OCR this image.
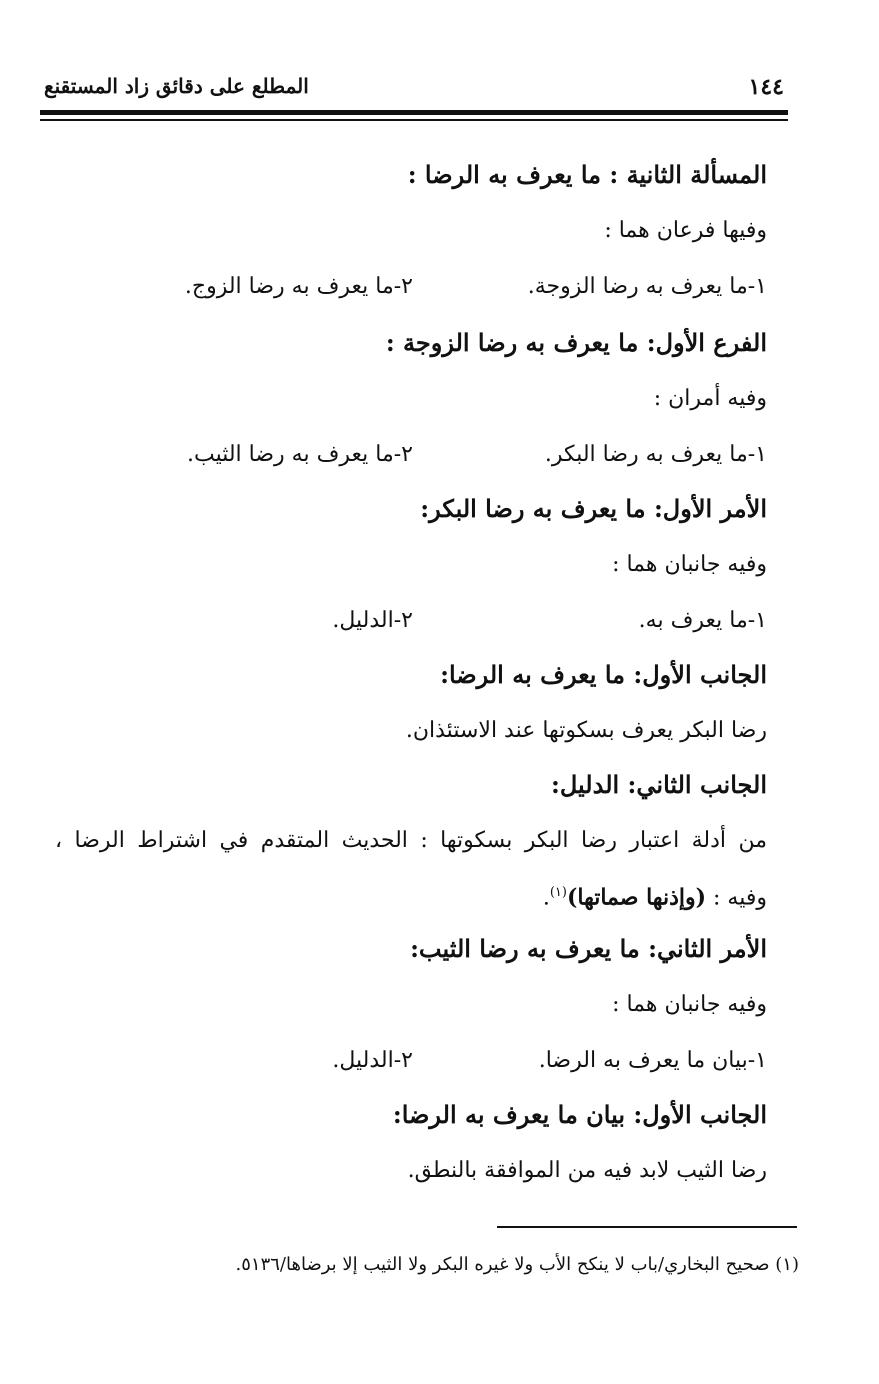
١٤٤
المطلع على دقائق زاد المستقنع
المسألة الثانية : ما يعرف به الرضا :
وفيها فرعان هما :
١-ما يعرف به رضا الزوجة.
٢-ما يعرف به رضا الزوج.
الفرع الأول: ما يعرف به رضا الزوجة :
وفيه أمران :
١-ما يعرف به رضا البكر.
٢-ما يعرف به رضا الثيب.
الأمر الأول: ما يعرف به رضا البكر:
وفيه جانبان هما :
١-ما يعرف به.
٢-الدليل.
الجانب الأول: ما يعرف به الرضا:
رضا البكر يعرف بسكوتها عند الاستئذان.
الجانب الثاني: الدليل:
من أدلة اعتبار رضا البكر بسكوتها : الحديث المتقدم في اشتراط الرضا ،
وفيه : (وإذنها صماتها)$^{(١)}$.
الأمر الثاني: ما يعرف به رضا الثيب:
وفيه جانبان هما :
١-بيان ما يعرف به الرضا.
٢-الدليل.
الجانب الأول: بيان ما يعرف به الرضا:
رضا الثيب لابد فيه من الموافقة بالنطق.
(١) صحيح البخاري/باب لا ينكح الأب ولا غيره البكر ولا الثيب إلا برضاها/٥١٣٦.
